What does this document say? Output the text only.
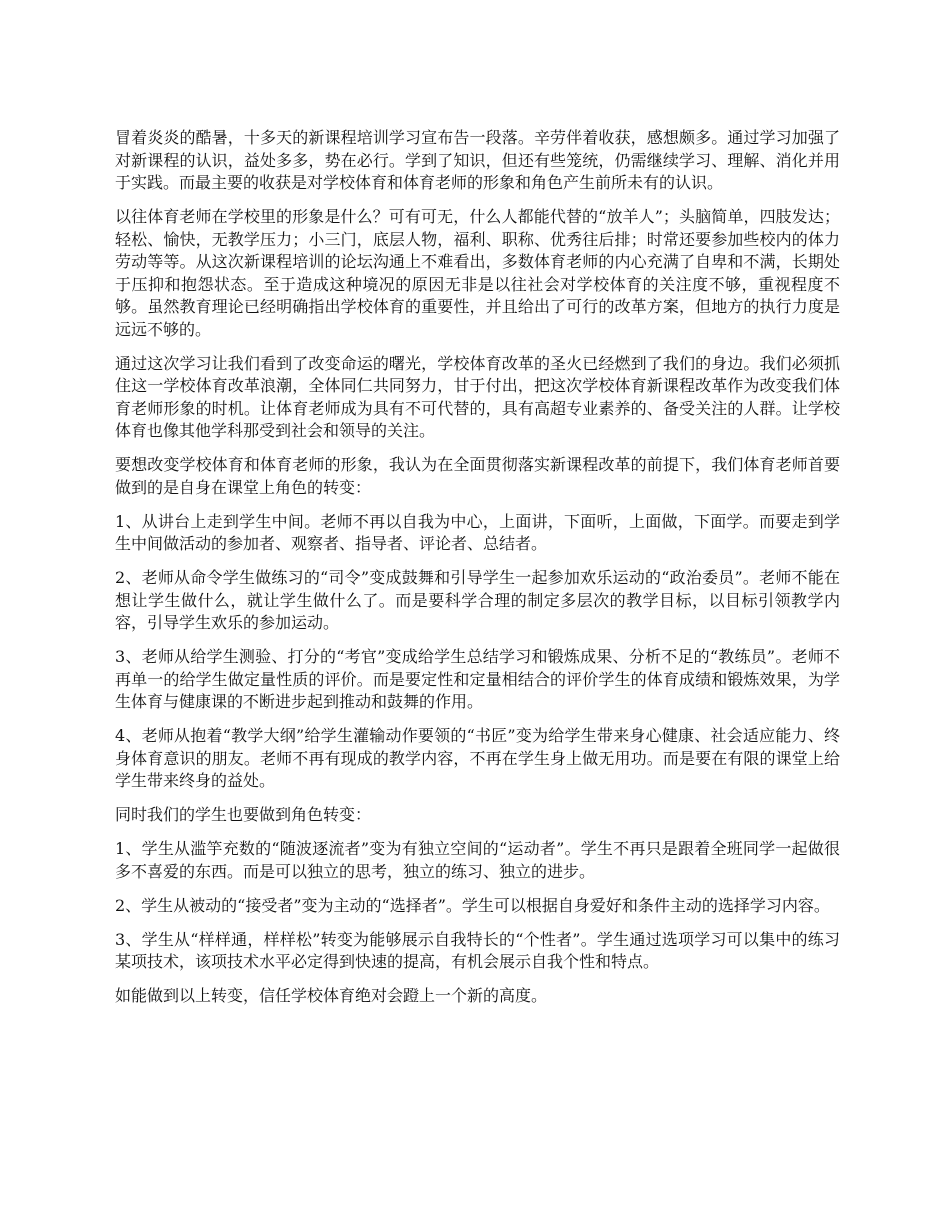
冒着炎炎的酷暑，十多天的新课程培训学习宣布告一段落。辛劳伴着收获，感想颇多。通过学习加强了对新课程的认识，益处多多，势在必行。学到了知识，但还有些笼统，仍需继续学习、理解、消化并用于实践。而最主要的收获是对学校体育和体育老师的形象和角色产生前所未有的认识。

以往体育老师在学校里的形象是什么？可有可无，什么人都能代替的“放羊人”；头脑简单，四肢发达；轻松、愉快，无教学压力；小三门，底层人物，福利、职称、优秀往后排；时常还要参加些校内的体力劳动等等。从这次新课程培训的论坛沟通上不难看出，多数体育老师的内心充满了自卑和不满，长期处于压抑和抱怨状态。至于造成这种境况的原因无非是以往社会对学校体育的关注度不够，重视程度不够。虽然教育理论已经明确指出学校体育的重要性，并且给出了可行的改革方案，但地方的执行力度是远远不够的。

通过这次学习让我们看到了改变命运的曙光，学校体育改革的圣火已经燃到了我们的身边。我们必须抓住这一学校体育改革浪潮，全体同仁共同努力，甘于付出，把这次学校体育新课程改革作为改变我们体育老师形象的时机。让体育老师成为具有不可代替的，具有高超专业素养的、备受关注的人群。让学校体育也像其他学科那受到社会和领导的关注。

要想改变学校体育和体育老师的形象，我认为在全面贯彻落实新课程改革的前提下，我们体育老师首要做到的是自身在课堂上角色的转变：

1、从讲台上走到学生中间。老师不再以自我为中心，上面讲，下面听，上面做，下面学。而要走到学生中间做活动的参加者、观察者、指导者、评论者、总结者。

2、老师从命令学生做练习的“司令”变成鼓舞和引导学生一起参加欢乐运动的“政治委员”。老师不能在想让学生做什么，就让学生做什么了。而是要科学合理的制定多层次的教学目标，以目标引领教学内容，引导学生欢乐的参加运动。

3、老师从给学生测验、打分的“考官”变成给学生总结学习和锻炼成果、分析不足的“教练员”。老师不再单一的给学生做定量性质的评价。而是要定性和定量相结合的评价学生的体育成绩和锻炼效果，为学生体育与健康课的不断进步起到推动和鼓舞的作用。

4、老师从抱着“教学大纲”给学生灌输动作要领的“书匠”变为给学生带来身心健康、社会适应能力、终身体育意识的朋友。老师不再有现成的教学内容，不再在学生身上做无用功。而是要在有限的课堂上给学生带来终身的益处。

同时我们的学生也要做到角色转变：

1、学生从滥竽充数的“随波逐流者”变为有独立空间的“运动者”。学生不再只是跟着全班同学一起做很多不喜爱的东西。而是可以独立的思考，独立的练习、独立的进步。

2、学生从被动的“接受者”变为主动的“选择者”。学生可以根据自身爱好和条件主动的选择学习内容。

3、学生从“样样通，样样松”转变为能够展示自我特长的“个性者”。学生通过选项学习可以集中的练习某项技术，该项技术水平必定得到快速的提高，有机会展示自我个性和特点。

如能做到以上转变，信任学校体育绝对会蹬上一个新的高度。
